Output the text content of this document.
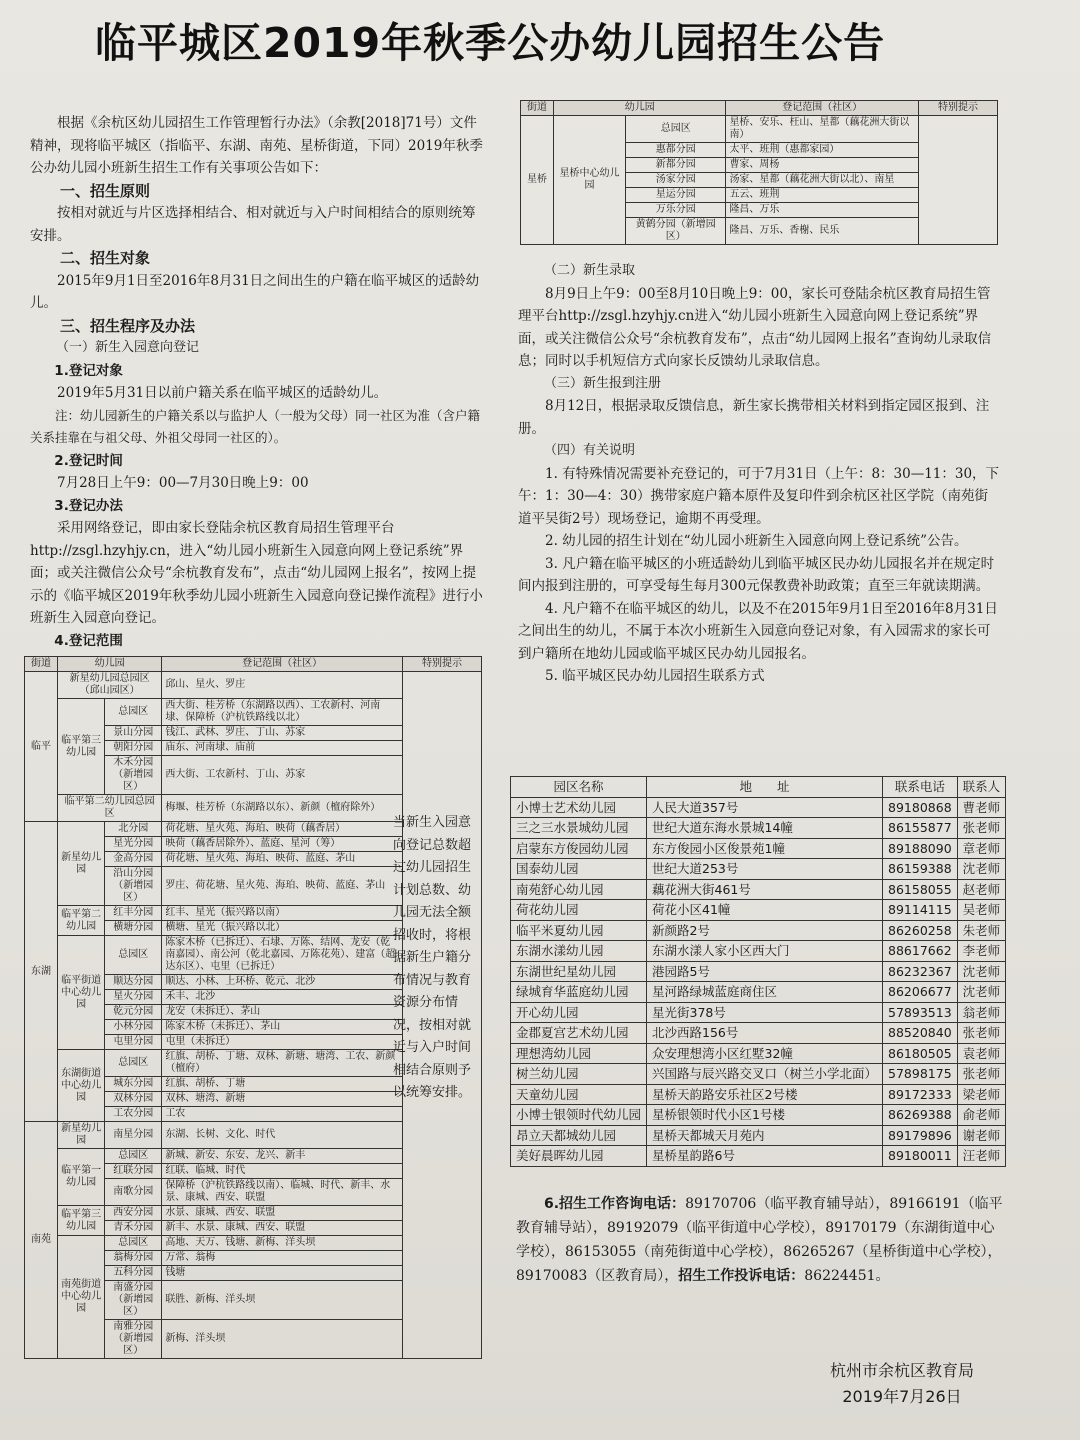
临平城区2019年秋季公办幼儿园招生公告

根据《余杭区幼儿园招生工作管理暂行办法》（余教[2018]71号）文件精神，现将临平城区（指临平、东湖、南苑、星桥街道，下同）2019年秋季公办幼儿园小班新生招生工作有关事项公告如下：

一、招生原则

按相对就近与片区选择相结合、相对就近与入户时间相结合的原则统筹安排。

二、招生对象

2015年9月1日至2016年8月31日之间出生的户籍在临平城区的适龄幼儿。

三、招生程序及办法

（一）新生入园意向登记

1.登记对象

2019年5月31日以前户籍关系在临平城区的适龄幼儿。

注：幼儿园新生的户籍关系以与监护人（一般为父母）同一社区为准（含户籍关系挂靠在与祖父母、外祖父母同一社区的）。

2.登记时间

7月28日上午9：00—7月30日晚上9：00

3.登记办法

采用网络登记，即由家长登陆余杭区教育局招生管理平台 http://zsgl.hzyhjy.cn，进入“幼儿园小班新生入园意向网上登记系统”界面；或关注微信公众号“余杭教育发布”，点击“幼儿园网上报名”，按网上提示的《临平城区2019年秋季幼儿园小班新生入园意向登记操作流程》进行小班新生入园意向登记。

4.登记范围

街道	幼儿园		登记范围（社区）	特别提示
临平	新星幼儿园总园区（邱山园区）		邱山、星火、罗庄	
	临平第三幼儿园	总园区	西大街、桂芳桥（东湖路以西）、工农新村、河南埭、保障桥（沪杭铁路线以北）	
		景山分园	钱江、武林、罗庄、丁山、苏家	
		朝阳分园	庙东、河南埭、庙前	
		木禾分园（新增园区）	西大街、工农新村、丁山、苏家	
	临平第二幼儿园总园区		梅堰、桂芳桥（东湖路以东）、新颜（檀府除外）	
东湖	新星幼儿园	北分园	荷花塘、星火苑、海珀、映荷（藕香居）	
		星光分园	映荷（藕香居除外）、蓝庭、星河（筹）	
		金高分园	荷花塘、星火苑、海珀、映荷、蓝庭、茅山	
		沿山分园（新增园区）	罗庄、荷花塘、星火苑、海珀、映荷、蓝庭、茅山	
	临平第二幼儿园	红丰分园	红丰、星光（振兴路以南）	
		横塘分园	横塘、星光（振兴路以北）	
	临平街道中心幼儿园	总园区	陈家木桥（已拆迁）、石埭、万陈、结网、龙安（乾南嘉园）、南公河（乾北嘉园、万陈花苑）、建富（超达东区）、屯里（已拆迁）	
		顺达分园	顺达、小林、上环桥、乾元、北沙	
		星火分园	禾丰、北沙	
		乾元分园	龙安（未拆迁）、茅山	
		小林分园	陈家木桥（未拆迁）、茅山	
		屯里分园	屯里（未拆迁）	
	东湖街道中心幼儿园	总园区	红旗、胡桥、丁塘、双林、新塘、塘湾、工农、新颜（檀府）	
		城东分园	红旗、胡桥、丁塘	
		双林分园	双林、塘湾、新塘	
		工农分园	工农	
南苑	新星幼儿园	南星分园	东湖、长树、文化、时代	
	临平第一幼儿园	总园区	新城、新安、东安、龙兴、新丰	
		红联分园	红联、临城、时代	
		南歌分园	保障桥（沪杭铁路线以南）、临城、时代、新丰、水景、康城、西安、联盟	
	临平第三幼儿园	西安分园	水景、康城、西安、联盟	
		青禾分园	新丰、水景、康城、西安、联盟	
	南苑街道中心幼儿园	总园区	高地、天万、钱塘、新梅、洋头坝	
		翁梅分园	万常、翁梅	
		五科分园	钱塘	
		南盛分园（新增园区）	联胜、新梅、洋头坝	
		南雅分园（新增园区）	新梅、洋头坝	
当新生入园意向登记总数超过幼儿园招生计划总数、幼儿园无法全额招收时，将根据新生户籍分布情况与教育资源分布情况，按相对就近与入户时间相结合原则予以统筹安排。
街道	幼儿园		登记范围（社区）	特别提示
星桥	星桥中心幼儿园	总园区	星桥、安乐、枉山、星都（藕花洲大街以南）	
		惠都分园	太平、班荆（惠都家园）	
		新都分园	曹家、周杨	
		汤家分园	汤家、星都（藕花洲大街以北）、南星	
		星运分园	五云、班荆	
		万乐分园	隆昌、万乐	
		黄鹤分园（新增园区）	隆昌、万乐、香榭、民乐	

（二）新生录取

8月9日上午9：00至8月10日晚上9：00，家长可登陆余杭区教育局招生管理平台http://zsgl.hzyhjy.cn进入“幼儿园小班新生入园意向网上登记系统”界面，或关注微信公众号“余杭教育发布”，点击“幼儿园网上报名”查询幼儿录取信息；同时以手机短信方式向家长反馈幼儿录取信息。

（三）新生报到注册

8月12日，根据录取反馈信息，新生家长携带相关材料到指定园区报到、注册。

（四）有关说明

1. 有特殊情况需要补充登记的，可于7月31日（上午：8：30—11：30，下午：1：30—4：30）携带家庭户籍本原件及复印件到余杭区社区学院（南苑街道平吴街2号）现场登记，逾期不再受理。

2. 幼儿园的招生计划在“幼儿园小班新生入园意向网上登记系统”公告。

3. 凡户籍在临平城区的小班适龄幼儿到临平城区民办幼儿园报名并在规定时间内报到注册的，可享受每生每月300元保教费补助政策；直至三年就读期满。

4. 凡户籍不在临平城区的幼儿，以及不在2015年9月1日至2016年8月31日之间出生的幼儿，不属于本次小班新生入园意向登记对象，有入园需求的家长可到户籍所在地幼儿园或临平城区民办幼儿园报名。

5. 临平城区民办幼儿园招生联系方式

园区名称	地　　址	联系电话	联系人
小博士艺术幼儿园	人民大道357号	89180868	曹老师
三之三水景城幼儿园	世纪大道东海水景城14幢	86155877	张老师
启蒙东方俊园幼儿园	东方俊园小区俊景苑1幢	89188090	章老师
国泰幼儿园	世纪大道253号	86159388	沈老师
南苑舒心幼儿园	藕花洲大街461号	86158055	赵老师
荷花幼儿园	荷花小区41幢	89114115	吴老师
临平米夏幼儿园	新颜路2号	86260258	朱老师
东湖水漾幼儿园	东湖水漾人家小区西大门	88617662	李老师
东湖世纪星幼儿园	港园路5号	86232367	沈老师
绿城育华蓝庭幼儿园	星河路绿城蓝庭商住区	86206677	沈老师
开心幼儿园	星光街378号	57893513	翁老师
金郡夏宫艺术幼儿园	北沙西路156号	88520840	张老师
理想湾幼儿园	众安理想湾小区红墅32幢	86180505	袁老师
树兰幼儿园	兴国路与辰兴路交叉口（树兰小学北面）	57898175	张老师
天童幼儿园	星桥天韵路安乐社区2号楼	89172333	梁老师
小博士银领时代幼儿园	星桥银领时代小区1号楼	86269388	俞老师
昂立天都城幼儿园	星桥天都城天月苑内	89179896	谢老师
美好晨晖幼儿园	星桥星韵路6号	89180011	汪老师

6.招生工作咨询电话：89170706（临平教育辅导站），89166191（临平教育辅导站），89192079（临平街道中心学校），89170179（东湖街道中心学校），86153055（南苑街道中心学校），86265267（星桥街道中心学校），89170083（区教育局），招生工作投诉电话：86224451。

杭州市余杭区教育局
2019年7月26日
